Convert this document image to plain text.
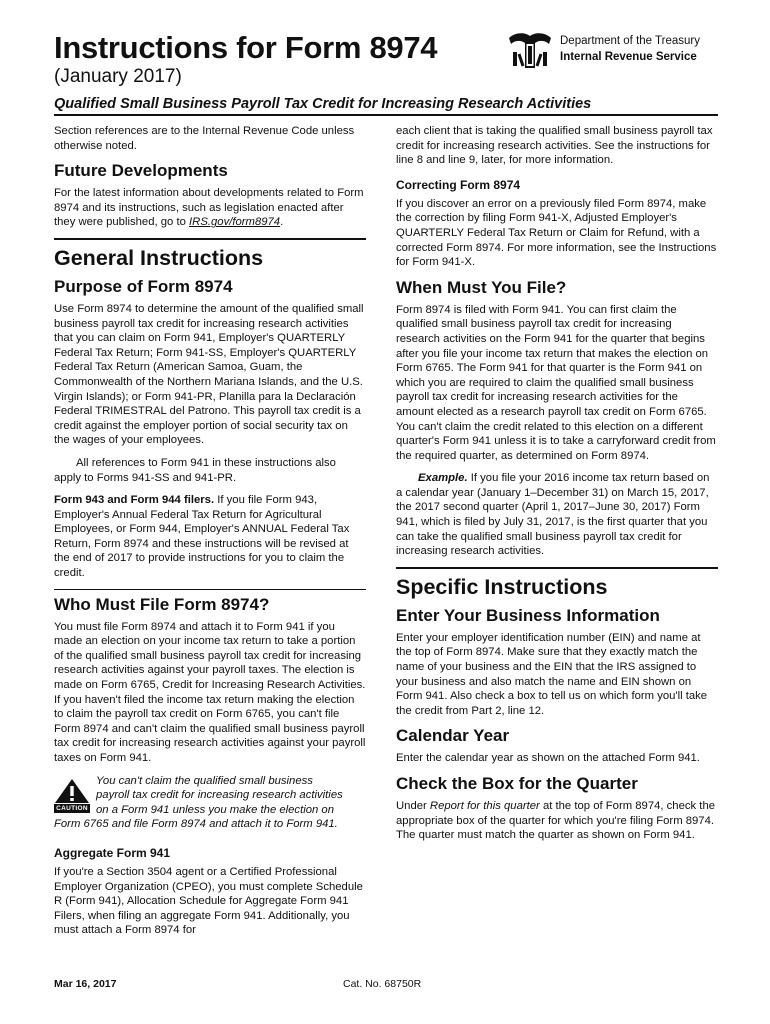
Instructions for Form 8974
(January 2017)
Department of the Treasury
Internal Revenue Service
Qualified Small Business Payroll Tax Credit for Increasing Research Activities

Section references are to the Internal Revenue Code unless otherwise noted.

Future Developments

For the latest information about developments related to Form 8974 and its instructions, such as legislation enacted after they were published, go to IRS.gov/form8974.

General Instructions
Purpose of Form 8974

Use Form 8974 to determine the amount of the qualified small business payroll tax credit for increasing research activities that you can claim on Form 941, Employer's QUARTERLY Federal Tax Return; Form 941-SS, Employer's QUARTERLY Federal Tax Return (American Samoa, Guam, the Commonwealth of the Northern Mariana Islands, and the U.S. Virgin Islands); or Form 941-PR, Planilla para la Declaración Federal TRIMESTRAL del Patrono. This payroll tax credit is a credit against the employer portion of social security tax on the wages of your employees.

All references to Form 941 in these instructions also apply to Forms 941-SS and 941-PR.

Form 943 and Form 944 filers. If you file Form 943, Employer's Annual Federal Tax Return for Agricultural Employees, or Form 944, Employer's ANNUAL Federal Tax Return, Form 8974 and these instructions will be revised at the end of 2017 to provide instructions for you to claim the credit.

Who Must File Form 8974?

You must file Form 8974 and attach it to Form 941 if you made an election on your income tax return to take a portion of the qualified small business payroll tax credit for increasing research activities against your payroll taxes. The election is made on Form 6765, Credit for Increasing Research Activities. If you haven't filed the income tax return making the election to claim the payroll tax credit on Form 6765, you can't file Form 8974 and can't claim the qualified small business payroll tax credit for increasing research activities against your payroll taxes on Form 941.

CAUTION

You can't claim the qualified small business
payroll tax credit for increasing research activities
on a Form 941 unless you make the election on
Form 6765 and file Form 8974 and attach it to Form 941.

Aggregate Form 941

If you're a Section 3504 agent or a Certified Professional Employer Organization (CPEO), you must complete Schedule R (Form 941), Allocation Schedule for Aggregate Form 941 Filers, when filing an aggregate Form 941. Additionally, you must attach a Form 8974 for

each client that is taking the qualified small business payroll tax credit for increasing research activities. See the instructions for line 8 and line 9, later, for more information.

Correcting Form 8974

If you discover an error on a previously filed Form 8974, make the correction by filing Form 941-X, Adjusted Employer's QUARTERLY Federal Tax Return or Claim for Refund, with a corrected Form 8974. For more information, see the Instructions for Form 941-X.

When Must You File?

Form 8974 is filed with Form 941. You can first claim the qualified small business payroll tax credit for increasing research activities on the Form 941 for the quarter that begins after you file your income tax return that makes the election on Form 6765. The Form 941 for that quarter is the Form 941 on which you are required to claim the qualified small business payroll tax credit for increasing research activities for the amount elected as a research payroll tax credit on Form 6765. You can't claim the credit related to this election on a different quarter's Form 941 unless it is to take a carryforward credit from the required quarter, as determined on Form 8974.

Example. If you file your 2016 income tax return based on a calendar year (January 1–December 31) on March 15, 2017, the 2017 second quarter (April 1, 2017–June 30, 2017) Form 941, which is filed by July 31, 2017, is the first quarter that you can take the qualified small business payroll tax credit for increasing research activities.

Specific Instructions
Enter Your Business Information

Enter your employer identification number (EIN) and name at the top of Form 8974. Make sure that they exactly match the name of your business and the EIN that the IRS assigned to your business and also match the name and EIN shown on Form 941. Also check a box to tell us on which form you'll take the credit from Part 2, line 12.

Calendar Year

Enter the calendar year as shown on the attached Form 941.

Check the Box for the Quarter

Under Report for this quarter at the top of Form 8974, check the appropriate box of the quarter for which you're filing Form 8974. The quarter must match the quarter as shown on Form 941.

Mar 16, 2017	Cat. No. 68750R
